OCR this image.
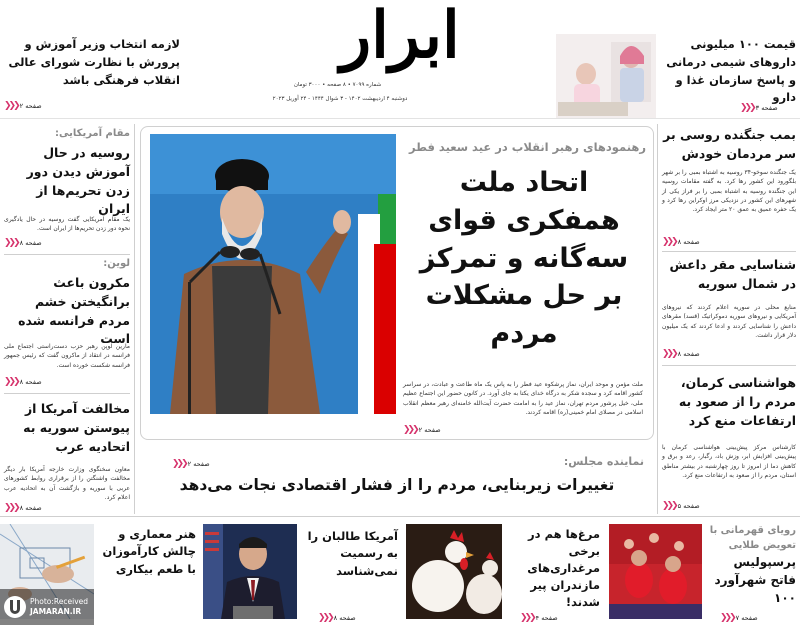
ابرار
شماره ۷۰۹۹ • ۸ صفحه • ۳۰۰۰ تومان
دوشنبه ۴ اردیبهشت ۱۴۰۲ - ۳ شوال ۱۴۴۴ - ۲۴ آوریل ۲۰۲۳
قیمت ۱۰۰ میلیونی داروهای شیمی درمانی و پاسخ سازمان غذا و دارو
صفحه ۳
❮❮❮
لازمه انتخاب وزیر آموزش و پرورش با نظارت شورای عالی انقلاب فرهنگی باشد
صفحه ۲
❮❮❮
رهنمودهای رهبر انقلاب در عید سعید فطر
اتحاد ملت همفکری قوای سه‌گانه و تمرکز بر حل مشکلات مردم
ملت مؤمن و موحد ایران، نماز پرشکوه عید فطر را به پاس یک ماه طاعت و عبادت، در سراسر کشور اقامه کرد و سجده شکر به درگاه خدای یکتا به جای آورد. در کانون حضور این اجتماع عظیم ملی، خیل پرشور مردم تهران، نماز عید را به امامت حضرت آیت‌الله خامنه‌ای رهبر معظم انقلاب اسلامی در مصلای امام خمینی(ره) اقامه کردند.
صفحه ۲
❮❮❮
صفحه ۲
❮❮❮	نماینده مجلس:
تغییرات زیربنایی، مردم را از فشار اقتصادی نجات می‌دهد
بمب جنگنده روسی بر سر مردمان خودش
یک جنگنده سوخو-۳۴ روسیه به اشتباه بمبی را بر شهر بلگورود این کشور رها کرد. به گفته مقامات روسیه این جنگنده روسیه به اشتباه بمبی را بر فراز یکی از شهرهای این کشور در نزدیکی مرز اوکراین رها کرد و یک حفره عمیق به عمق ۲۰ متر ایجاد کرد.
صفحه ۸
❮❮❮
شناسایی مقر داعش در شمال سوریه
منابع محلی در سوریه اعلام کردند که نیروهای آمریکایی و نیروهای سوریه دموکراتیک (قسد) مقرهای داعش را شناسایی کردند و ادعا کردند که یک میلیون دلار قرار داشت.
صفحه ۸
❮❮❮
هواشناسی کرمان، مردم را از صعود به ارتفاعات منع کرد
کارشناس مرکز پیش‌بینی هواشناسی کرمان با پیش‌بینی افزایش ابر، وزش باد، رگبار، رعد و برق و کاهش دما از امروز تا روز چهارشنبه در بیشتر مناطق استان، مردم را از صعود به ارتفاعات منع کرد.
صفحه ۵
❮❮❮
مقام آمریکایی:
روسیه در حال آموزش دیدن دور زدن تحریم‌ها از ایران
یک مقام آمریکایی گفت روسیه در حال یادگیری نحوه دور زدن تحریم‌ها از ایران است.
صفحه ۸
❮❮❮
لوین:
مکرون باعث برانگیختن خشم مردم فرانسه شده است
مارین لوپن رهبر حزب دست‌راستی اجتماع ملی فرانسه در انتقاد از ماکرون گفت که رئیس جمهور فرانسه شکست خورده است.
صفحه ۸
❮❮❮
مخالفت آمریکا از پیوستن سوریه به اتحادیه عرب
معاون سخنگوی وزارت خارجه آمریکا بار دیگر مخالفت واشنگتن را از برقراری روابط کشورهای عربی با سوریه و بازگشت آن به اتحادیه عرب اعلام کرد.
صفحه ۸
❮❮❮
رویای قهرمانی با تعویض طلایی
پرسپولیس فاتح شهرآورد ۱۰۰
صفحه ۷
❮❮❮
مرغ‌ها هم در برخی مرغداری‌های مازندران پیر شدند!
صفحه ۴
❮❮❮
آمریکا طالبان را به رسمیت نمی‌شناسد
صفحه ۸
❮❮❮
هنر معماری و چالش کارآموزان با طعم بیکاری
Photo:Received
JAMARAN.IR
